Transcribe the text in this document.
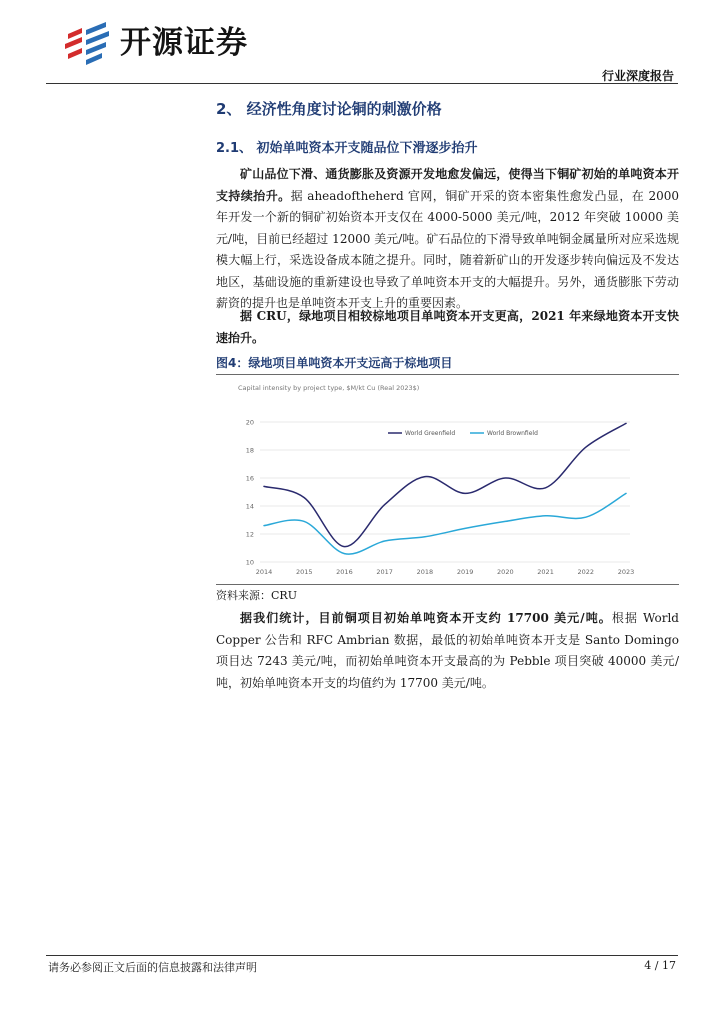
开源证券
行业深度报告
2、 经济性角度讨论铜的刺激价格
2.1、 初始单吨资本开支随品位下滑逐步抬升
矿山品位下滑、通货膨胀及资源开发地愈发偏远，使得当下铜矿初始的单吨资本开支持续抬升。据 aheadoftheherd 官网，铜矿开采的资本密集性愈发凸显，在 2000 年开发一个新的铜矿初始资本开支仅在 4000-5000 美元/吨，2012 年突破 10000 美元/吨，目前已经超过 12000 美元/吨。矿石品位的下滑导致单吨铜金属量所对应采选规模大幅上行，采选设备成本随之提升。同时，随着新矿山的开发逐步转向偏远及不发达地区，基础设施的重新建设也导致了单吨资本开支的大幅提升。另外，通货膨胀下劳动薪资的提升也是单吨资本开支上升的重要因素。
据 CRU，绿地项目相较棕地项目单吨资本开支更高，2021 年来绿地资本开支快速抬升。
图4：绿地项目单吨资本开支远高于棕地项目
Capital intensity by project type, $M/kt Cu (Real 2023$)
10
12
14
16
18
20
2014	2015	2016	2017	2018	2019	2020	2021	2022	2023
World Greenfield	World Brownfield
资料来源：CRU
据我们统计，目前铜项目初始单吨资本开支约 17700 美元/吨。根据 World Copper 公告和 RFC Ambrian 数据，最低的初始单吨资本开支是 Santo Domingo 项目达 7243 美元/吨，而初始单吨资本开支最高的为 Pebble 项目突破 40000 美元/吨，初始单吨资本开支的均值约为 17700 美元/吨。
请务必参阅正文后面的信息披露和法律声明	4 / 17
